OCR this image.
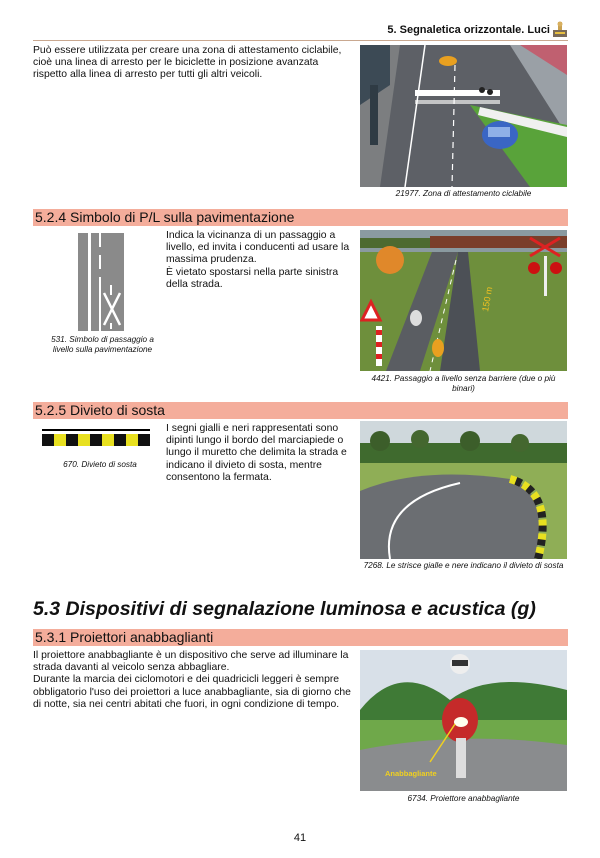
5. Segnaletica orizzontale. Luci
Può essere utilizzata per creare una zona di attestamento ciclabile, cioè una linea di arresto per le biciclette in posizione avanzata rispetto alla linea di arresto per tutti gli altri veicoli.
21977. Zona di attestamento ciclabile
5.2.4 Simbolo di P/L sulla pavimentazione
531. Simbolo di passaggio a livello sulla pavimentazione
Indica la vicinanza di un passaggio a livello, ed invita i conducenti ad usare la massima prudenza.
È vietato spostarsi nella parte sinistra della strada.
150 m
4421. Passaggio a livello senza barriere (due o più binari)
5.2.5 Divieto di sosta
670. Divieto di sosta
I segni gialli e neri rappresentati sono dipinti lungo il bordo del marciapiede o lungo il muretto che delimita la strada e indicano il divieto di sosta, mentre consentono la fermata.
7268. Le strisce gialle e nere indicano il divieto di sosta
5.3 Dispositivi di segnalazione luminosa e acustica (g)
5.3.1 Proiettori anabbaglianti
Il proiettore anabbagliante è un dispositivo che serve ad illuminare la strada davanti al veicolo senza abbagliare.
Durante la marcia dei ciclomotori e dei quadricicli leggeri è sempre obbligatorio l'uso dei proiettori a luce anabbagliante, sia di giorno che di notte, sia nei centri abitati che fuori, in ogni condizione di tempo.
Anabbagliante
6734. Proiettore anabbagliante
41
